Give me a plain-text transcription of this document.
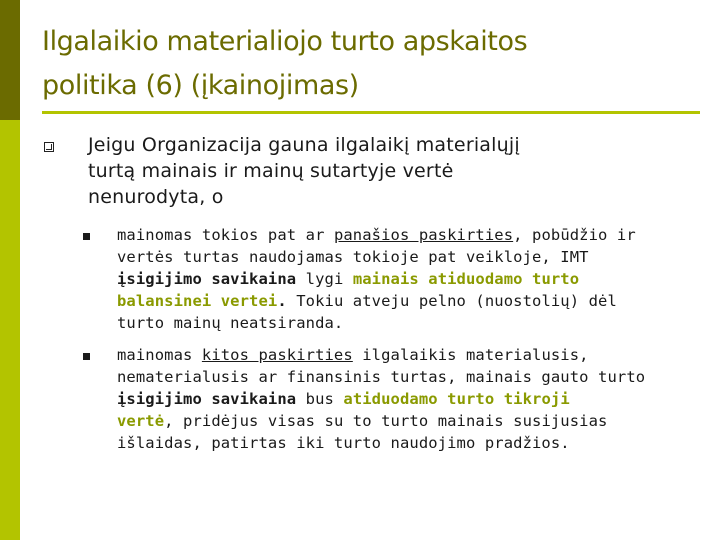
Ilgalaikio materialiojo turto apskaitos
politika (6) (įkainojimas)
Jeigu Organizacija gauna ilgalaikį materialųjį
turtą mainais ir mainų sutartyje vertė
nenurodyta, o
mainomas tokios pat ar panašios paskirties, pobūdžio ir
vertės turtas naudojamas tokioje pat veikloje, IMT
įsigijimo savikaina lygi mainais atiduodamo turto
balansinei vertei. Tokiu atveju pelno (nuostolių) dėl
turto mainų neatsiranda.
mainomas kitos paskirties ilgalaikis materialusis,
nematerialusis ar finansinis turtas, mainais gauto turto
įsigijimo savikaina bus atiduodamo turto tikroji
vertė, pridėjus visas su to turto mainais susijusias
išlaidas, patirtas iki turto naudojimo pradžios.
